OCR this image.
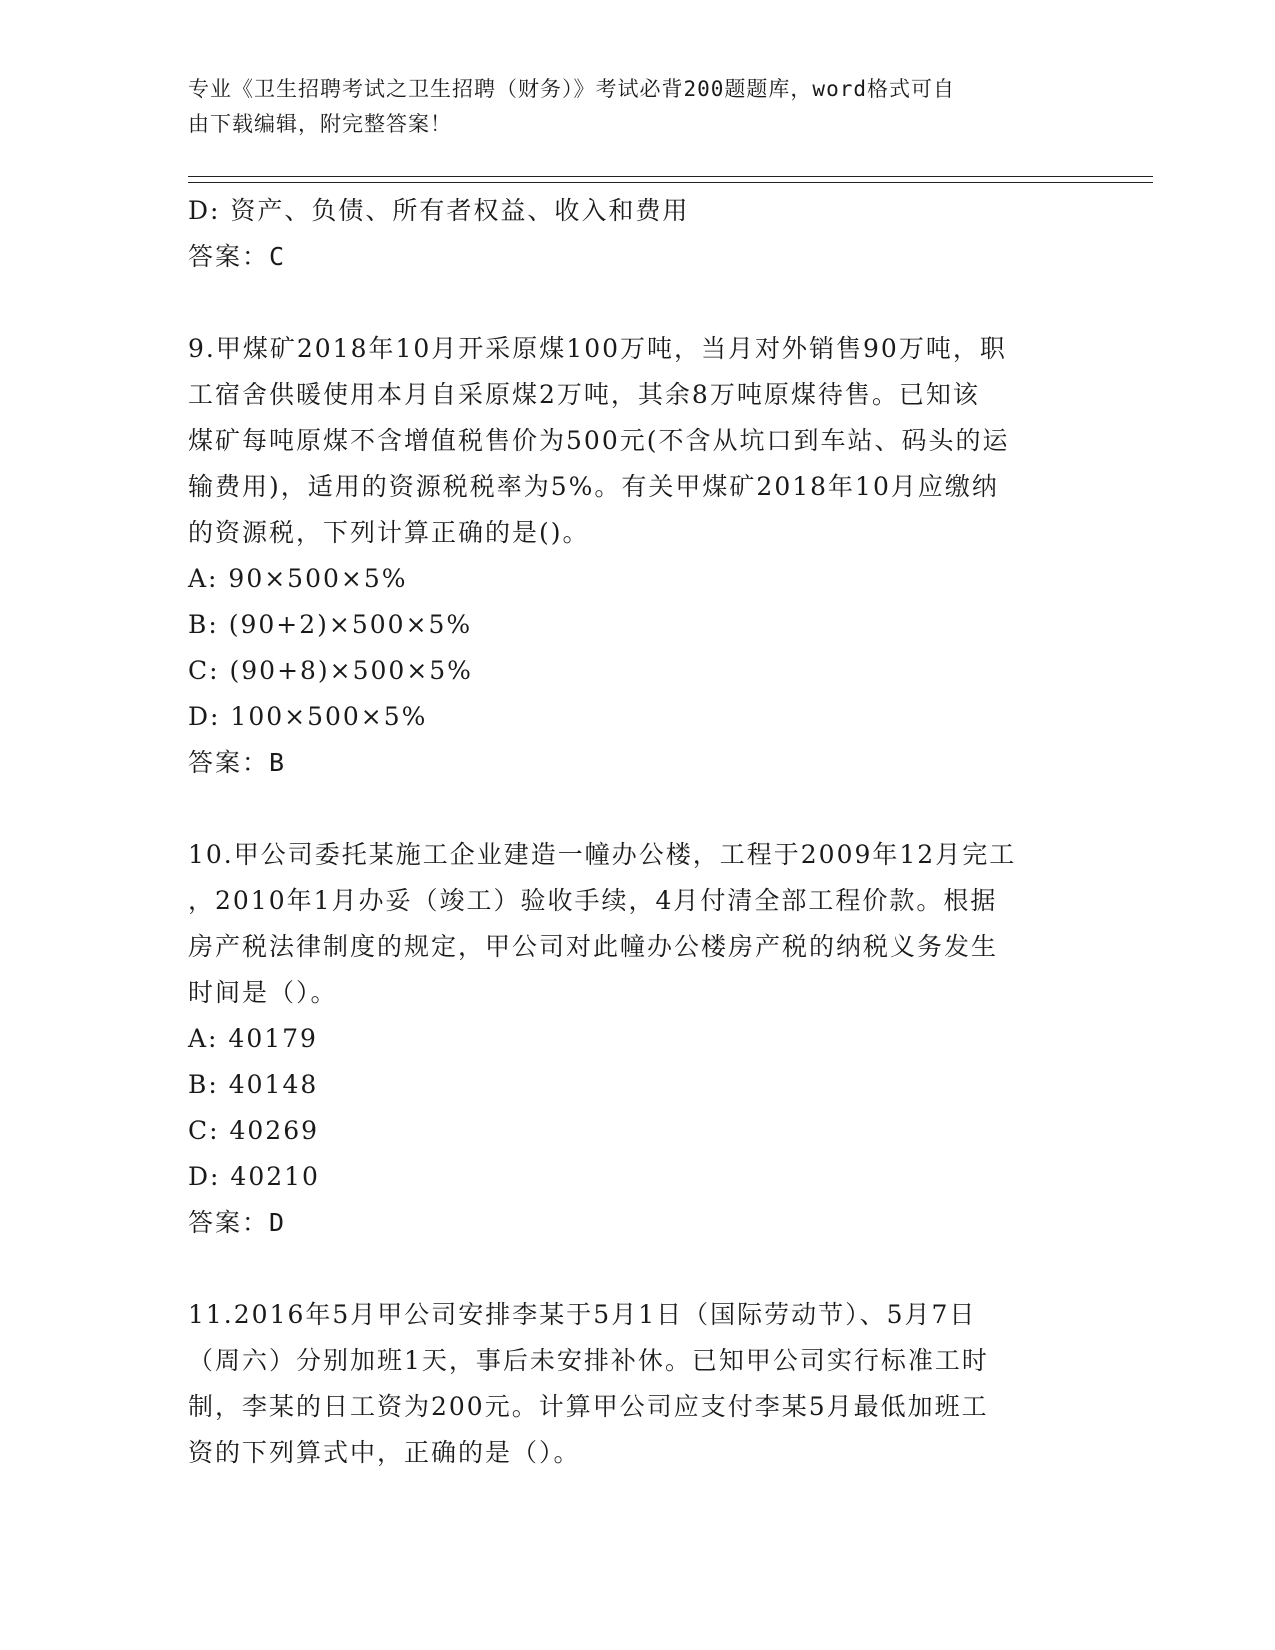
专业《卫生招聘考试之卫生招聘（财务）》考试必背200题题库，word格式可自
由下载编辑，附完整答案！
D: 资产、负债、所有者权益、收入和费用
答案：C
9.甲煤矿2018年10月开采原煤100万吨，当月对外销售90万吨，职
工宿舍供暖使用本月自采原煤2万吨，其余8万吨原煤待售。已知该
煤矿每吨原煤不含增值税售价为500元(不含从坑口到车站、码头的运
输费用)，适用的资源税税率为5%。有关甲煤矿2018年10月应缴纳
的资源税，下列计算正确的是()。
A: 90×500×5%
B: (90+2)×500×5%
C: (90+8)×500×5%
D: 100×500×5%
答案：B
10.甲公司委托某施工企业建造一幢办公楼，工程于2009年12月完工
，2010年1月办妥（竣工）验收手续，4月付清全部工程价款。根据
房产税法律制度的规定，甲公司对此幢办公楼房产税的纳税义务发生
时间是（）。
A: 40179
B: 40148
C: 40269
D: 40210
答案：D
11.2016年5月甲公司安排李某于5月1日（国际劳动节）、5月7日
（周六）分别加班1天，事后未安排补休。已知甲公司实行标准工时
制，李某的日工资为200元。计算甲公司应支付李某5月最低加班工
资的下列算式中，正确的是（）。
